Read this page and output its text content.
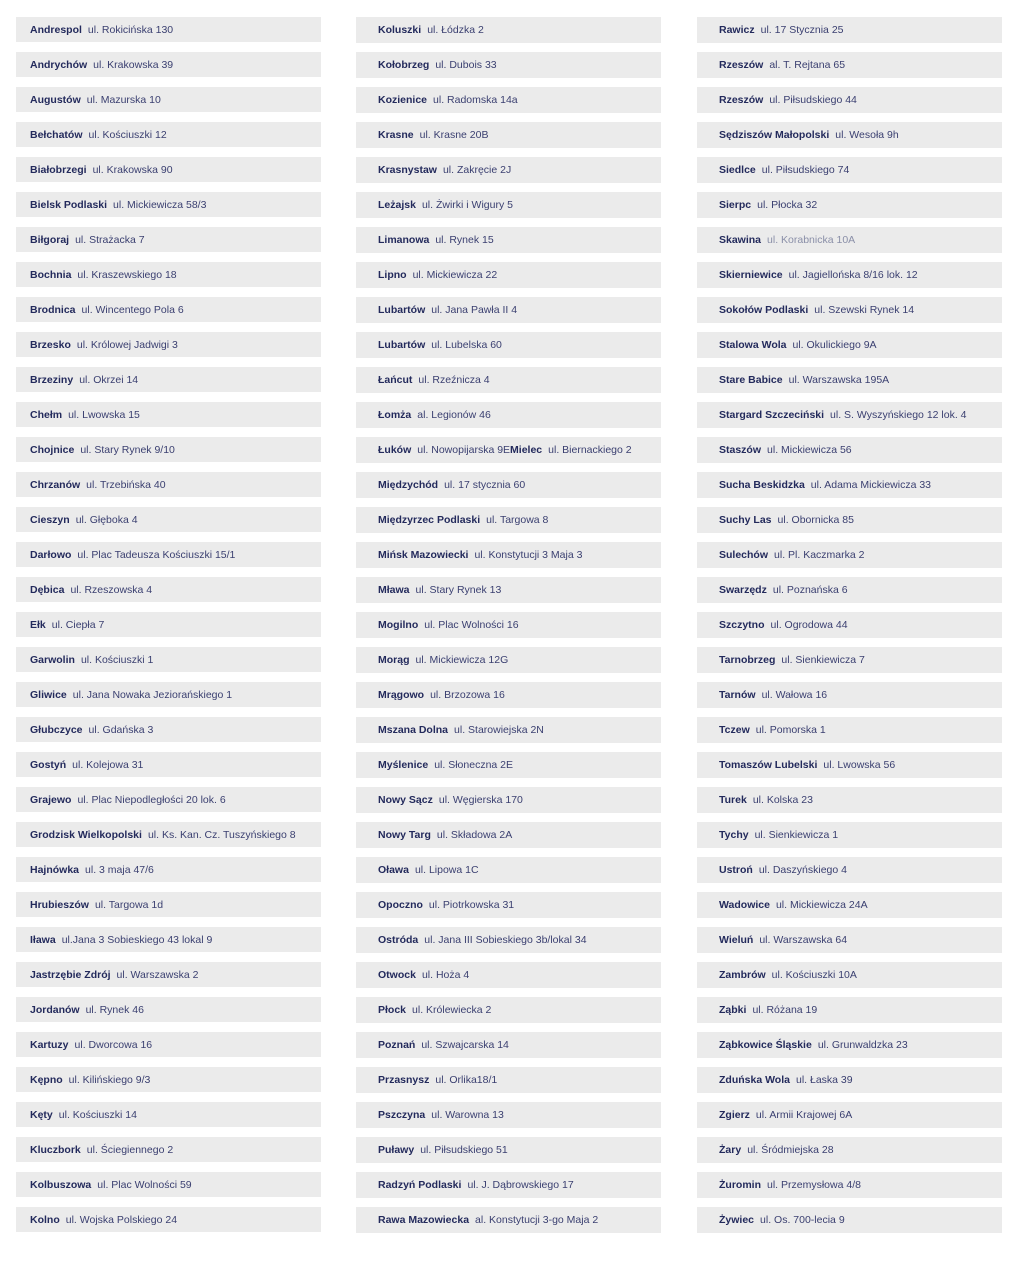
Andrespol ul. Rokicińska 130
Andrychów ul. Krakowska 39
Augustów ul. Mazurska 10
Bełchatów ul. Kościuszki 12
Białobrzegi ul. Krakowska 90
Bielsk Podlaski ul. Mickiewicza 58/3
Biłgoraj ul. Strażacka 7
Bochnia ul. Kraszewskiego 18
Brodnica ul. Wincentego Pola 6
Brzesko ul. Królowej Jadwigi 3
Brzeziny ul. Okrzei 14
Chełm ul. Lwowska 15
Chojnice ul. Stary Rynek 9/10
Chrzanów ul. Trzebińska 40
Cieszyn ul. Głęboka 4
Darłowo ul. Plac Tadeusza Kościuszki 15/1
Dębica ul. Rzeszowska 4
Ełk ul. Ciepła 7
Garwolin ul. Kościuszki 1
Gliwice ul. Jana Nowaka Jeziorańskiego 1
Głubczyce ul. Gdańska 3
Gostyń ul. Kolejowa 31
Grajewo ul. Plac Niepodległości 20 lok. 6
Grodzisk Wielkopolski ul. Ks. Kan. Cz. Tuszyńskiego 8
Hajnówka ul. 3 maja 47/6
Hrubieszów ul. Targowa 1d
Iława ul.Jana 3 Sobieskiego 43 lokal 9
Jastrzębie Zdrój ul. Warszawska 2
Jordanów ul. Rynek 46
Kartuzy ul. Dworcowa 16
Kępno ul. Kilińskiego 9/3
Kęty ul. Kościuszki 14
Kluczbork ul. Ściegiennego 2
Kolbuszowa ul. Plac Wolności 59
Kolno ul. Wojska Polskiego 24
Koluszki ul. Łódzka 2
Kołobrzeg ul. Dubois 33
Kozienice ul. Radomska 14a
Krasne ul. Krasne 20B
Krasnystaw ul. Zakręcie 2J
Leżajsk ul. Żwirki i Wigury 5
Limanowa ul. Rynek 15
Lipno ul. Mickiewicza 22
Lubartów ul. Jana Pawła II 4
Lubartów ul. Lubelska 60
Łańcut ul. Rzeźnicza 4
Łomża al. Legionów 46
Łuków ul. Nowopijarska 9E Mielec ul. Biernackiego 2
Międzychód ul. 17 stycznia 60
Międzyrzec Podlaski ul. Targowa 8
Mińsk Mazowiecki ul. Konstytucji 3 Maja 3
Mława ul. Stary Rynek 13
Mogilno ul. Plac Wolności 16
Morąg ul. Mickiewicza 12G
Mrągowo ul. Brzozowa 16
Mszana Dolna ul. Starowiejska 2N
Myślenice ul. Słoneczna 2E
Nowy Sącz ul. Węgierska 170
Nowy Targ ul. Składowa 2A
Oława ul. Lipowa 1C
Opoczno ul. Piotrkowska 31
Ostróda ul. Jana III Sobieskiego 3b/lokal 34
Otwock ul. Hoża 4
Płock ul. Królewiecka 2
Poznań ul. Szwajcarska 14
Przasnysz ul. Orlika18/1
Pszczyna ul. Warowna 13
Puławy ul. Piłsudskiego 51
Radzyń Podlaski ul. J. Dąbrowskiego 17
Rawa Mazowiecka al. Konstytucji 3-go Maja 2
Rawicz ul. 17 Stycznia 25
Rzeszów al. T. Rejtana 65
Rzeszów ul. Piłsudskiego 44
Sędziszów Małopolski ul. Wesoła 9h
Siedlce ul. Piłsudskiego 74
Sierpc ul. Płocka 32
Skawina ul. Korabnicka 10A
Skierniewice ul. Jagiellońska 8/16 lok. 12
Sokołów Podlaski ul. Szewski Rynek 14
Stalowa Wola ul. Okulickiego 9A
Stare Babice ul. Warszawska 195A
Stargard Szczeciński ul. S. Wyszyńskiego 12 lok. 4
Staszów ul. Mickiewicza 56
Sucha Beskidzka ul. Adama Mickiewicza 33
Suchy Las ul. Obornicka 85
Sulechów ul. Pl. Kaczmarka 2
Swarzędz ul. Poznańska 6
Szczytno ul. Ogrodowa 44
Tarnobrzeg ul. Sienkiewicza 7
Tarnów ul. Wałowa 16
Tczew ul. Pomorska 1
Tomaszów Lubelski ul. Lwowska 56
Turek ul. Kolska 23
Tychy ul. Sienkiewicza 1
Ustroń ul. Daszyńskiego 4
Wadowice ul. Mickiewicza 24A
Wieluń ul. Warszawska 64
Zambrów ul. Kościuszki 10A
Ząbki ul. Różana 19
Ząbkowice Śląskie ul. Grunwaldzka 23
Zduńska Wola ul. Łaska 39
Zgierz ul. Armii Krajowej 6A
Żary ul. Śródmiejska 28
Żuromin ul. Przemysłowa 4/8
Żywiec ul. Os. 700-lecia 9
